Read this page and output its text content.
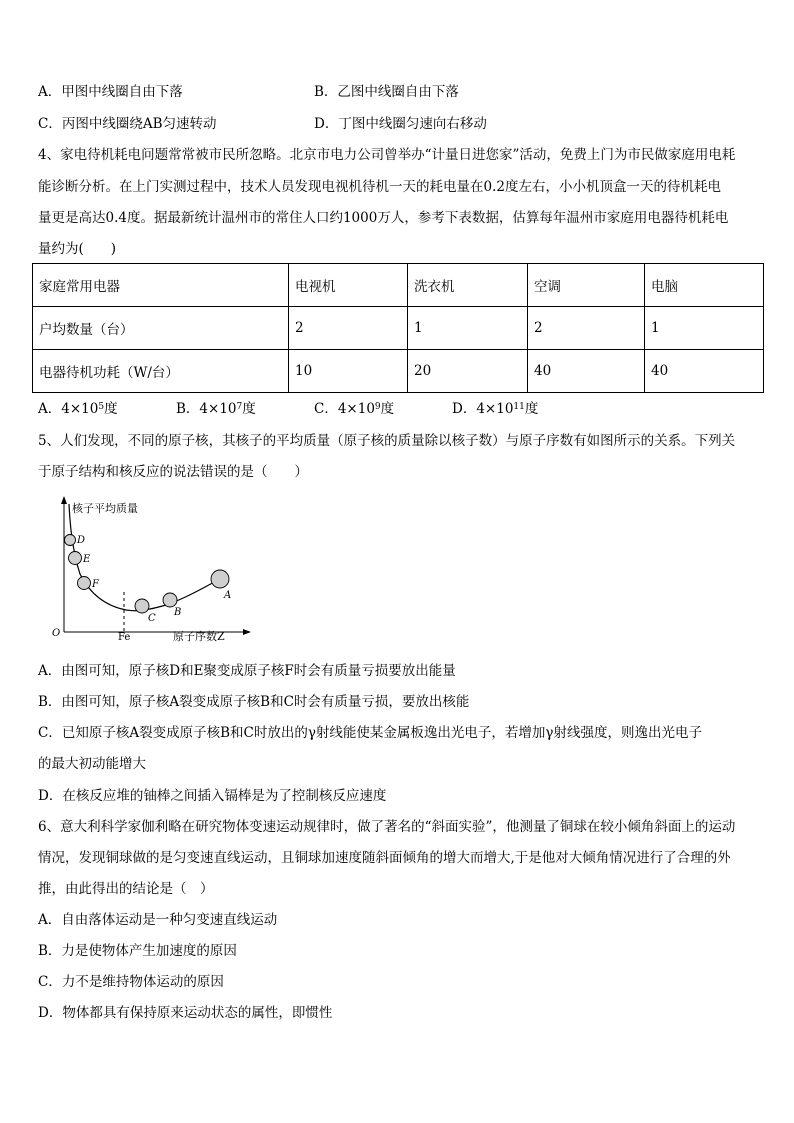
A．甲图中线圈自由下落	B．乙图中线圈自由下落
C．丙图中线圈绕AB匀速转动	D．丁图中线圈匀速向右移动
4、家电待机耗电问题常常被市民所忽略。北京市电力公司曾举办“计量日进您家”活动，免费上门为市民做家庭用电耗
能诊断分析。在上门实测过程中，技术人员发现电视机待机一天的耗电量在0.2度左右，小小机顶盒一天的待机耗电
量更是高达0.4度。据最新统计温州市的常住人口约1000万人，参考下表数据，估算每年温州市家庭用电器待机耗电
量约为(　　)
家庭常用电器	电视机	洗衣机	空调	电脑
户均数量（台）	2	1	2	1
电器待机功耗（W/台）	10	20	40	40
A．$4\times 10^5$度	B．$4\times 10^7$度	C．$4\times 10^9$度	D．$4\times 10^{11}$度
5、人们发现，不同的原子核，其核子的平均质量（原子核的质量除以核子数）与原子序数有如图所示的关系。下列关
于原子结构和核反应的说法错误的是（　　）
核子平均质量
D
E
F
C
B
A
O	Fe	原子序数Z
A．由图可知，原子核D和E聚变成原子核F时会有质量亏损要放出能量
B．由图可知，原子核A裂变成原子核B和C时会有质量亏损，要放出核能
C．已知原子核A裂变成原子核B和C时放出的γ射线能使某金属板逸出光电子，若增加γ射线强度，则逸出光电子
的最大初动能增大
D．在核反应堆的铀棒之间插入镉棒是为了控制核反应速度
6、意大利科学家伽利略在研究物体变速运动规律时，做了著名的“斜面实验”，他测量了铜球在较小倾角斜面上的运动
情况，发现铜球做的是匀变速直线运动，且铜球加速度随斜面倾角的增大而增大,于是他对大倾角情况进行了合理的外
推，由此得出的结论是（　）
A．自由落体运动是一种匀变速直线运动
B．力是使物体产生加速度的原因
C．力不是维持物体运动的原因
D．物体都具有保持原来运动状态的属性，即惯性
